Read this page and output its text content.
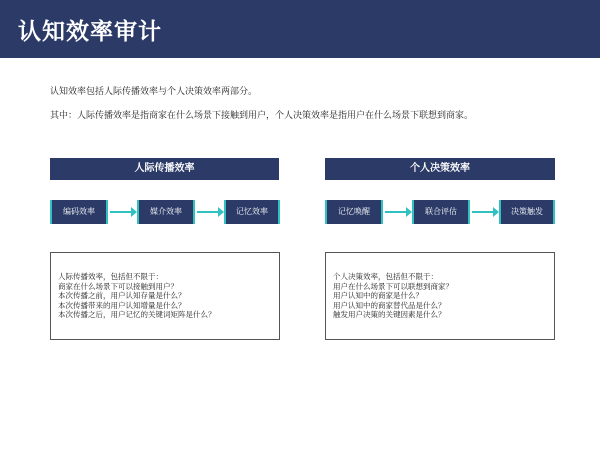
认知效率审计
认知效率包括人际传播效率与个人决策效率两部分。
其中：人际传播效率是指商家在什么场景下接触到用户，个人决策效率是指用户在什么场景下联想到商家。
人际传播效率
编码效率	媒介效率	记忆效率
人际传播效率，包括但不限于：
商家在什么场景下可以接触到用户？
本次传播之前，用户认知存量是什么？
本次传播带来的用户认知增量是什么？
本次传播之后，用户记忆的关键词矩阵是什么？
个人决策效率
记忆唤醒	联合评估	决策触发
个人决策效率，包括但不限于：
用户在什么场景下可以联想到商家？
用户认知中的商家是什么？
用户认知中的商家替代品是什么？
触发用户决策的关键因素是什么？
